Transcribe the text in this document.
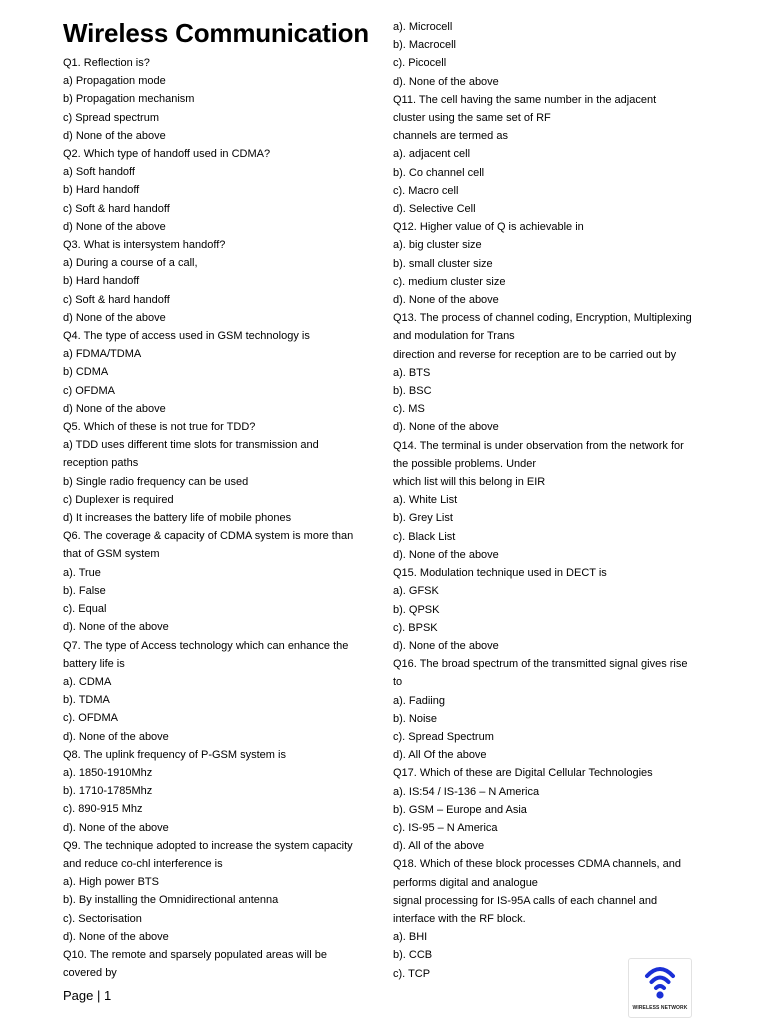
Wireless Communication
Q1. Reflection is?
a) Propagation mode
b) Propagation mechanism
c) Spread spectrum
d) None of the above
Q2. Which type of handoff used in CDMA?
a) Soft handoff
b) Hard handoff
c) Soft & hard handoff
d) None of the above
Q3. What is intersystem handoff?
a) During a course of a call,
b) Hard handoff
c) Soft & hard handoff
d) None of the above
Q4. The type of access used in GSM technology is
a) FDMA/TDMA
b) CDMA
c) OFDMA
d) None of the above
Q5. Which of these is not true for TDD?
a) TDD uses different time slots for transmission and
reception paths
b) Single radio frequency can be used
c) Duplexer is required
d) It increases the battery life of mobile phones
Q6. The coverage & capacity of CDMA system is more than
that of GSM system
a). True
b). False
c). Equal
d). None of the above
Q7. The type of Access technology which can enhance the
battery life is
a). CDMA
b). TDMA
c). OFDMA
d). None of the above
Q8. The uplink frequency of P-GSM system is
a). 1850-1910Mhz
b). 1710-1785Mhz
c). 890-915 Mhz
d). None of the above
Q9. The technique adopted to increase the system capacity
and reduce co-chl interference is
a). High power BTS
b). By installing the Omnidirectional antenna
c). Sectorisation
d). None of the above
Q10. The remote and sparsely populated areas will be
covered by
a). Microcell
b). Macrocell
c). Picocell
d). None of the above
Q11. The cell having the same number in the adjacent
cluster using the same set of RF
channels are termed as
a). adjacent cell
b). Co channel cell
c). Macro cell
d). Selective Cell
Q12. Higher value of Q is achievable in
a). big cluster size
b). small cluster size
c). medium cluster size
d). None of the above
Q13. The process of channel coding, Encryption, Multiplexing
and modulation for Trans
direction and reverse for reception are to be carried out by
a). BTS
b). BSC
c). MS
d). None of the above
Q14. The terminal is under observation from the network for
the possible problems. Under
which list will this belong in EIR
a). White List
b). Grey List
c). Black List
d). None of the above
Q15. Modulation technique used in DECT is
a). GFSK
b). QPSK
c). BPSK
d). None of the above
Q16. The broad spectrum of the transmitted signal gives rise
to
a). Fadiing
b). Noise
c). Spread Spectrum
d). All Of the above
Q17. Which of these are Digital Cellular Technologies
a). IS:54 / IS-136 – N America
b). GSM – Europe and Asia
c). IS-95 – N America
d). All of the above
Q18. Which of these block processes CDMA channels, and
performs digital and analogue
signal processing for IS-95A calls of each channel and
interface with the RF block.
a). BHI
b). CCB
c). TCP
Page | 1
WIRELESS NETWORK
